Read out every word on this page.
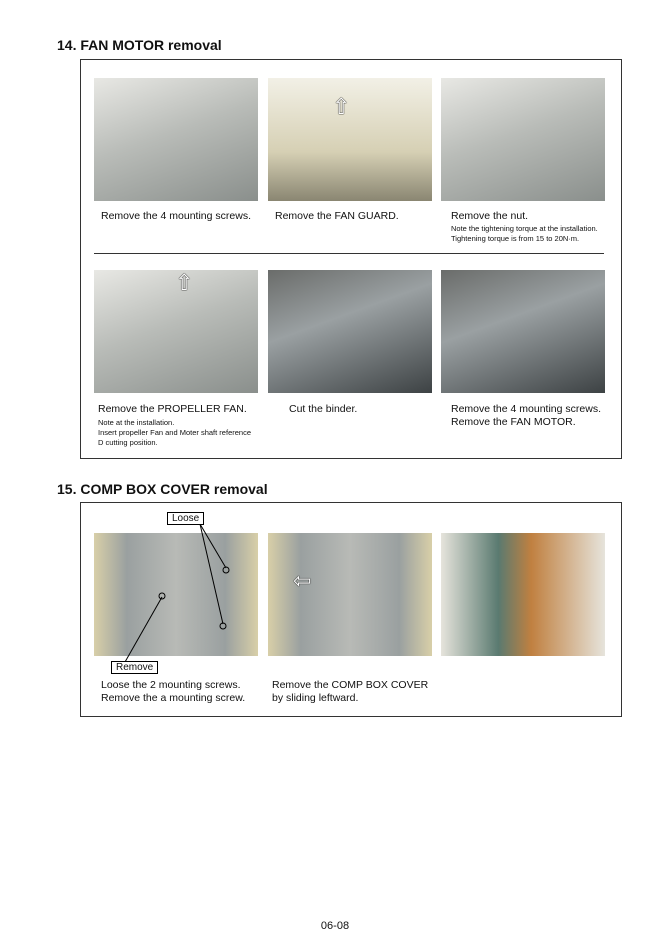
14. FAN MOTOR removal
⇧
Remove the 4 mounting screws. Remove the FAN GUARD.	Remove the nut.
Note the tightening torque at the installation.
Tightening torque is from 15 to 20N·m.
⇧
Remove the PROPELLER FAN.
Note at the installation.
Insert propeller Fan and Moter shaft reference
D cutting position.
Cut the binder.	Remove the 4 mounting screws.
Remove the FAN MOTOR.
15. COMP BOX COVER removal
⇦
Loose
Remove
Loose the 2 mounting screws.
Remove the a mounting screw.
Remove the COMP BOX COVER
by sliding leftward.
06-08
